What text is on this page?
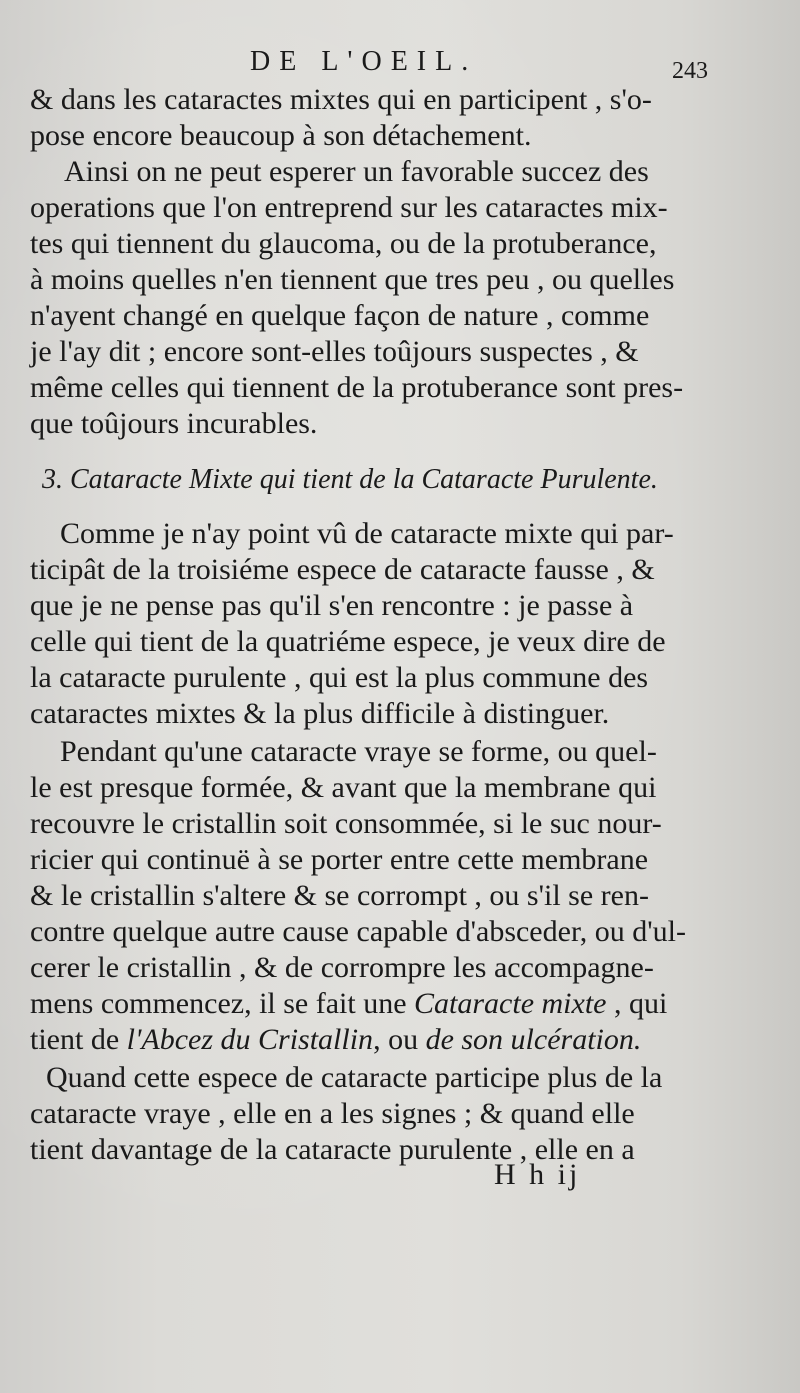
DE L'OEIL.	243
& dans les cataractes mixtes qui en participent , s'o-
pose encore beaucoup à son détachement.
Ainsi on ne peut esperer un favorable succez des
operations que l'on entreprend sur les cataractes mix-
tes qui tiennent du glaucoma, ou de la protuberance,
à moins quelles n'en tiennent que tres peu , ou quelles
n'ayent changé en quelque façon de nature , comme
je l'ay dit ; encore sont-elles toûjours suspectes , &
même celles qui tiennent de la protuberance sont pres-
que toûjours incurables.
3. Cataracte Mixte qui tient de la Cataracte Purulente.
Comme je n'ay point vû de cataracte mixte qui par-
ticipât de la troisiéme espece de cataracte fausse , &
que je ne pense pas qu'il s'en rencontre : je passe à
celle qui tient de la quatriéme espece, je veux dire de
la cataracte purulente , qui est la plus commune des
cataractes mixtes & la plus difficile à distinguer.
Pendant qu'une cataracte vraye se forme, ou quel-
le est presque formée, & avant que la membrane qui
recouvre le cristallin soit consommée, si le suc nour-
ricier qui continuë à se porter entre cette membrane
& le cristallin s'altere & se corrompt , ou s'il se ren-
contre quelque autre cause capable d'absceder, ou d'ul-
cerer le cristallin , & de corrompre les accompagne-
mens commencez, il se fait une Cataracte mixte , qui
tient de l'Abcez du Cristallin, ou de son ulcération.
Quand cette espece de cataracte participe plus de la
cataracte vraye , elle en a les signes ; & quand elle
tient davantage de la cataracte purulente , elle en a
H h ij
